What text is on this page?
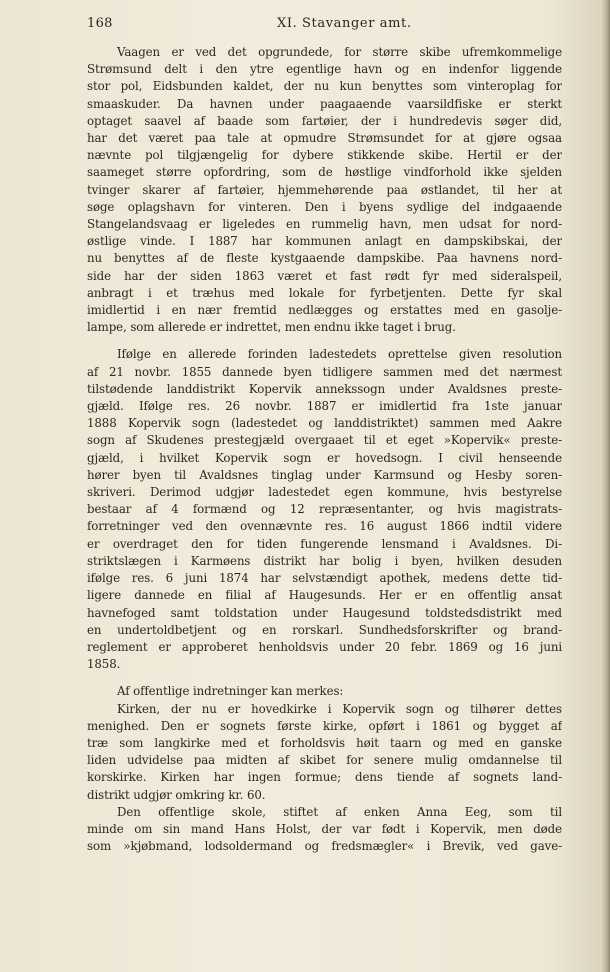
168	XI. Stavanger amt.
Vaagen er ved det opgrundede, for større skibe ufremkommelige
Strømsund delt i den ytre egentlige havn og en indenfor liggende
stor pol, Eidsbunden kaldet, der nu kun benyttes som vinteroplag for
smaaskuder. Da havnen under paagaaende vaarsildfiske er sterkt
optaget saavel af baade som fartøier, der i hundredevis søger did,
har det været paa tale at opmudre Strømsundet for at gjøre ogsaa
nævnte pol tilgjængelig for dybere stikkende skibe. Hertil er der
saameget større opfordring, som de høstlige vindforhold ikke sjelden
tvinger skarer af fartøier, hjemmehørende paa østlandet, til her at
søge oplagshavn for vinteren. Den i byens sydlige del indgaaende
Stangelandsvaag er ligeledes en rummelig havn, men udsat for nord-
østlige vinde. I 1887 har kommunen anlagt en dampskibskai, der
nu benyttes af de fleste kystgaaende dampskibe. Paa havnens nord-
side har der siden 1863 været et fast rødt fyr med sideralspeil,
anbragt i et træhus med lokale for fyrbetjenten. Dette fyr skal
imidlertid i en nær fremtid nedlægges og erstattes med en gasolje-
lampe, som allerede er indrettet, men endnu ikke taget i brug.
Ifølge en allerede forinden ladestedets oprettelse given resolution
af 21 novbr. 1855 dannede byen tidligere sammen med det nærmest
tilstødende landdistrikt Kopervik annekssogn under Avaldsnes preste-
gjæld. Ifølge res. 26 novbr. 1887 er imidlertid fra 1ste januar
1888 Kopervik sogn (ladestedet og landdistriktet) sammen med Aakre
sogn af Skudenes prestegjæld overgaaet til et eget »Kopervik« preste-
gjæld, i hvilket Kopervik sogn er hovedsogn. I civil henseende
hører byen til Avaldsnes tinglag under Karmsund og Hesby soren-
skriveri. Derimod udgjør ladestedet egen kommune, hvis bestyrelse
bestaar af 4 formænd og 12 repræsentanter, og hvis magistrats-
forretninger ved den ovennævnte res. 16 august 1866 indtil videre
er overdraget den for tiden fungerende lensmand i Avaldsnes. Di-
striktslægen i Karmøens distrikt har bolig i byen, hvilken desuden
ifølge res. 6 juni 1874 har selvstændigt apothek, medens dette tid-
ligere dannede en filial af Haugesunds. Her er en offentlig ansat
havnefoged samt toldstation under Haugesund toldstedsdistrikt med
en undertoldbetjent og en rorskarl. Sundhedsforskrifter og brand-
reglement er approberet henholdsvis under 20 febr. 1869 og 16 juni
1858.
Af offentlige indretninger kan merkes:
Kirken, der nu er hovedkirke i Kopervik sogn og tilhører dettes
menighed. Den er sognets første kirke, opført i 1861 og bygget af
træ som langkirke med et forholdsvis høit taarn og med en ganske
liden udvidelse paa midten af skibet for senere mulig omdannelse til
korskirke. Kirken har ingen formue; dens tiende af sognets land-
distrikt udgjør omkring kr. 60.
Den offentlige skole, stiftet af enken Anna Eeg, som til
minde om sin mand Hans Holst, der var født i Kopervik, men døde
som »kjøbmand, lodsoldermand og fredsmægler« i Brevik, ved gave-
